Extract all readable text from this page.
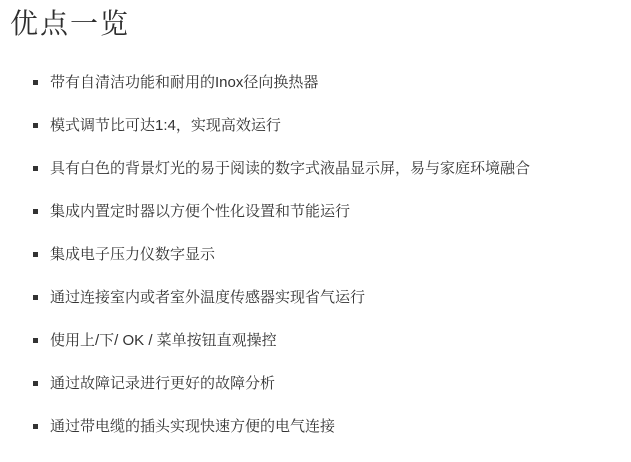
优点一览
带有自清洁功能和耐用的Inox径向换热器
模式调节比可达1:4，实现高效运行
具有白色的背景灯光的易于阅读的数字式液晶显示屏，易与家庭环境融合
集成内置定时器以方便个性化设置和节能运行
集成电子压力仪数字显示
通过连接室内或者室外温度传感器实现省气运行
使用上/下/ OK / 菜单按钮直观操控
通过故障记录进行更好的故障分析
通过带电缆的插头实现快速方便的电气连接
